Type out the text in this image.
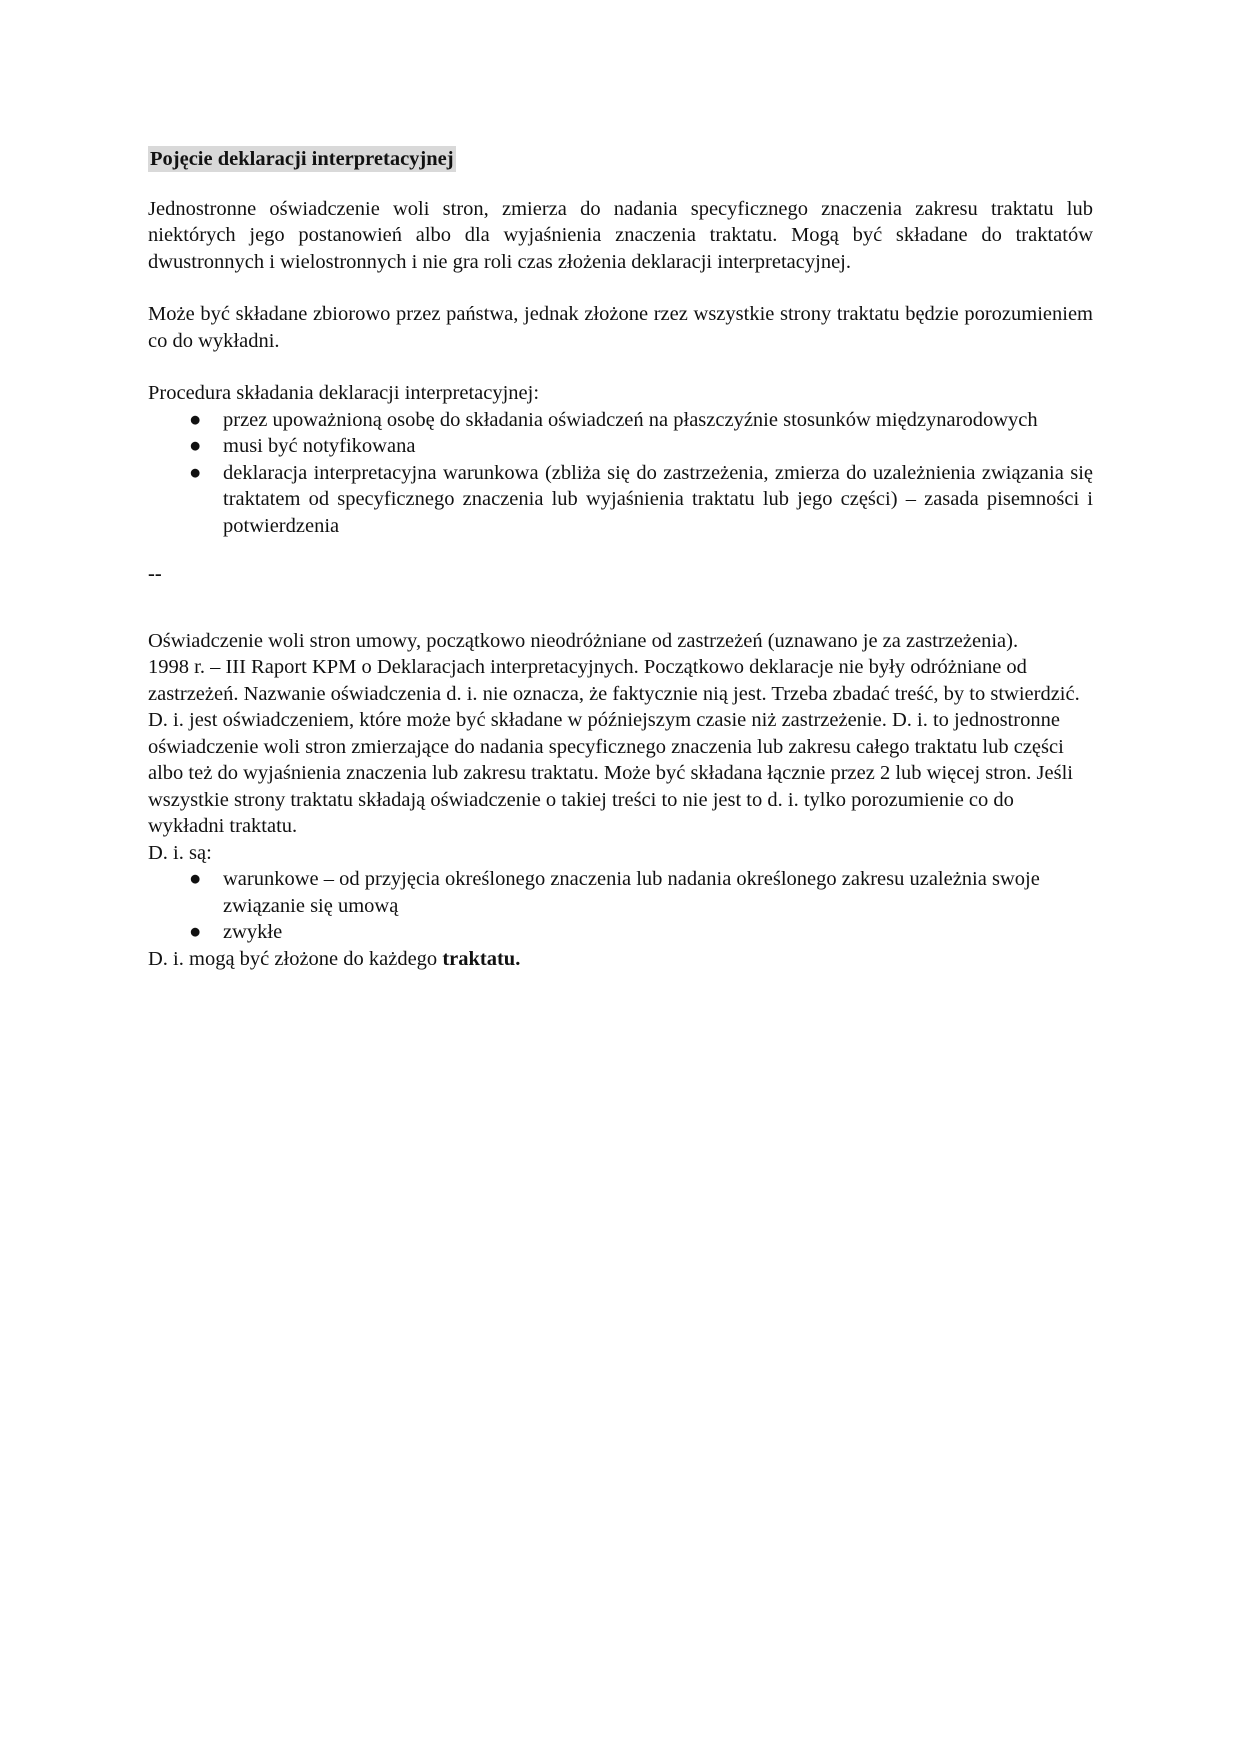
Pojęcie deklaracji interpretacyjnej

Jednostronne oświadczenie woli stron, zmierza do nadania specyficznego znaczenia zakresu traktatu lub niektórych jego postanowień albo dla wyjaśnienia znaczenia traktatu. Mogą być składane do traktatów dwustronnych i wielostronnych i nie gra roli czas złożenia deklaracji interpretacyjnej.

Może być składane zbiorowo przez państwa, jednak złożone rzez wszystkie strony traktatu będzie porozumieniem co do wykładni.

Procedura składania deklaracji interpretacyjnej:

● przez upoważnioną osobę do składania oświadczeń na płaszczyźnie stosunków międzynarodowych
● musi być notyfikowana
● deklaracja interpretacyjna warunkowa (zbliża się do zastrzeżenia, zmierza do uzależnienia związania się traktatem od specyficznego znaczenia lub wyjaśnienia traktatu lub jego części) – zasada pisemności i potwierdzenia

--

Oświadczenie woli stron umowy, początkowo nieodróżniane od zastrzeżeń (uznawano je za zastrzeżenia).

1998 r. – III Raport KPM o Deklaracjach interpretacyjnych. Początkowo deklaracje nie były odróżniane od zastrzeżeń. Nazwanie oświadczenia d. i. nie oznacza, że faktycznie nią jest. Trzeba zbadać treść, by to stwierdzić. D. i. jest oświadczeniem, które może być składane w późniejszym czasie niż zastrzeżenie. D. i. to jednostronne oświadczenie woli stron zmierzające do nadania specyficznego znaczenia lub zakresu całego traktatu lub części albo też do wyjaśnienia znaczenia lub zakresu traktatu. Może być składana łącznie przez 2 lub więcej stron. Jeśli wszystkie strony traktatu składają oświadczenie o takiej treści to nie jest to d. i. tylko porozumienie co do wykładni traktatu.

D. i. są:

● warunkowe – od przyjęcia określonego znaczenia lub nadania określonego zakresu uzależnia swoje związanie się umową
● zwykłe

D. i. mogą być złożone do każdego traktatu.
